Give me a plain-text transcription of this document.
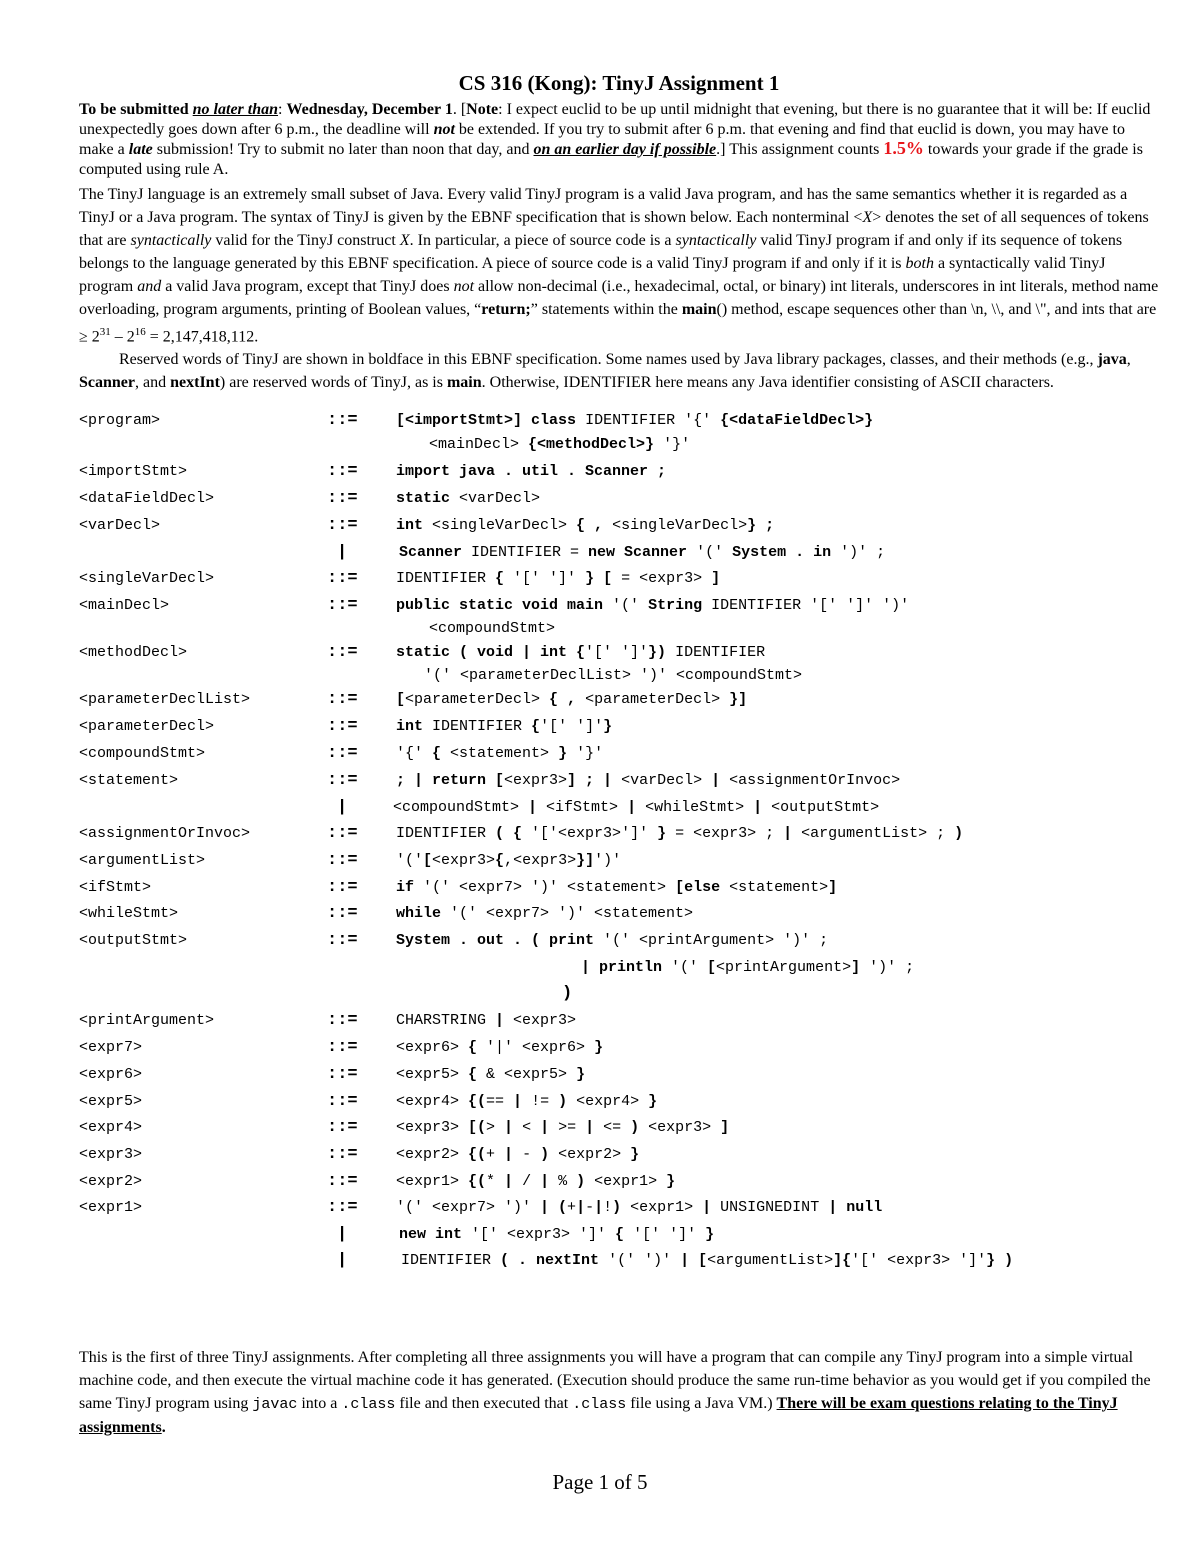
CS 316 (Kong): TinyJ Assignment 1

To be submitted no later than: Wednesday, December 1. [Note: I expect euclid to be up until midnight that evening, but there is no guarantee that it will be: If euclid unexpectedly goes down after 6 p.m., the deadline will not be extended. If you try to submit after 6 p.m. that evening and find that euclid is down, you may have to make a late submission! Try to submit no later than noon that day, and on an earlier day if possible.] This assignment counts 1.5% towards your grade if the grade is computed using rule A.

The TinyJ language is an extremely small subset of Java. Every valid TinyJ program is a valid Java program, and has the same semantics whether it is regarded as a TinyJ or a Java program. The syntax of TinyJ is given by the EBNF specification that is shown below. Each nonterminal <X> denotes the set of all sequences of tokens that are syntactically valid for the TinyJ construct X. In particular, a piece of source code is a syntactically valid TinyJ program if and only if its sequence of tokens belongs to the language generated by this EBNF specification. A piece of source code is a valid TinyJ program if and only if it is both a syntactically valid TinyJ program and a valid Java program, except that TinyJ does not allow non-decimal (i.e., hexadecimal, octal, or binary) int literals, underscores in int literals, method name overloading, program arguments, printing of Boolean values, “return;” statements within the main() method, escape sequences other than \n, \\, and \", and ints that are ≥ $2^{31} - 2^{16} = 2,147,418,112$.

Reserved words of TinyJ are shown in boldface in this EBNF specification. Some names used by Java library packages, classes, and their methods (e.g., java, Scanner, and nextInt) are reserved words of TinyJ, as is main. Otherwise, IDENTIFIER here means any Java identifier consisting of ASCII characters.

<program>	::=	[<importStmt>] class IDENTIFIER '{' {<dataFieldDecl>}
<mainDecl> {<methodDecl>} '}'
<importStmt>	::=	import java . util . Scanner ;
<dataFieldDecl>	::=	static <varDecl>
<varDecl>	::=	int <singleVarDecl> { , <singleVarDecl>} ;
|	Scanner IDENTIFIER = new Scanner '(' System . in ')' ;
<singleVarDecl>	::=	IDENTIFIER { '[' ']' } [ = <expr3> ]
<mainDecl>	::=	public static void main '(' String IDENTIFIER '[' ']' ')'
<compoundStmt>
<methodDecl>	::=	static ( void | int {'[' ']'}) IDENTIFIER
'(' <parameterDeclList> ')' <compoundStmt>
<parameterDeclList>	::=	[<parameterDecl> { , <parameterDecl> }]
<parameterDecl>	::=	int IDENTIFIER {'[' ']'}
<compoundStmt>	::=	'{' { <statement> } '}'
<statement>	::=	; | return [<expr3>] ; | <varDecl> | <assignmentOrInvoc>
|	<compoundStmt> | <ifStmt> | <whileStmt> | <outputStmt>
<assignmentOrInvoc>	::=	IDENTIFIER ( { '['<expr3>']' } = <expr3> ; | <argumentList> ; )
<argumentList>	::=	'('[<expr3>{,<expr3>}]')'
<ifStmt>	::=	if '(' <expr7> ')' <statement> [else <statement>]
<whileStmt>	::=	while '(' <expr7> ')' <statement>
<outputStmt>	::=	System . out . ( print '(' <printArgument> ')' ;
| println '(' [<printArgument>] ')' ;
)
<printArgument>	::=	CHARSTRING | <expr3>
<expr7>	::=	<expr6> { '|' <expr6> }
<expr6>	::=	<expr5> { & <expr5> }
<expr5>	::=	<expr4> {(== | != ) <expr4> }
<expr4>	::=	<expr3> [(> | < | >= | <= ) <expr3> ]
<expr3>	::=	<expr2> {(+ | - ) <expr2> }
<expr2>	::=	<expr1> {(* | / | % ) <expr1> }
<expr1>	::=	'(' <expr7> ')' | (+|-|!) <expr1> | UNSIGNEDINT | null
|	new int '[' <expr3> ']' { '[' ']' }
|	IDENTIFIER ( . nextInt '(' ')' | [<argumentList>]{'[' <expr3> ']'} )

This is the first of three TinyJ assignments. After completing all three assignments you will have a program that can compile any TinyJ program into a simple virtual machine code, and then execute the virtual machine code it has generated. (Execution should produce the same run-time behavior as you would get if you compiled the same TinyJ program using javac into a .class file and then executed that .class file using a Java VM.) There will be exam questions relating to the TinyJ assignments.

Page 1 of 5
